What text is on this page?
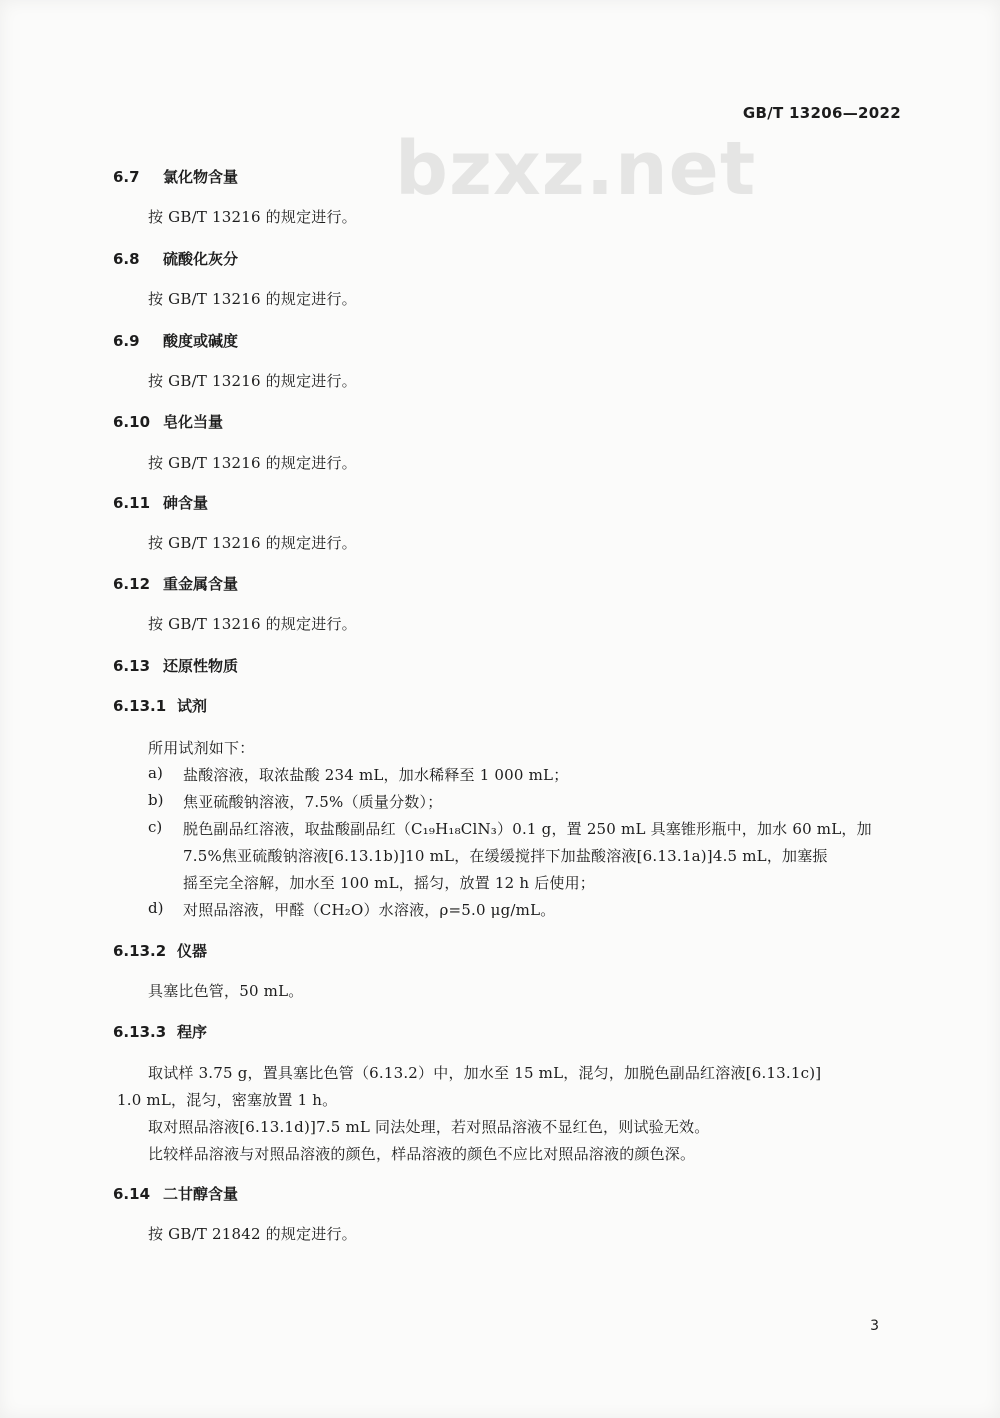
GB/T 13206—2022
bzxz.net
6.7 氯化物含量
按 GB/T 13216 的规定进行。
6.8 硫酸化灰分
按 GB/T 13216 的规定进行。
6.9 酸度或碱度
按 GB/T 13216 的规定进行。
6.10 皂化当量
按 GB/T 13216 的规定进行。
6.11 砷含量
按 GB/T 13216 的规定进行。
6.12 重金属含量
按 GB/T 13216 的规定进行。
6.13 还原性物质
6.13.1 试剂
所用试剂如下：
a) 盐酸溶液，取浓盐酸 234 mL，加水稀释至 1 000 mL；
b) 焦亚硫酸钠溶液，7.5%（质量分数）；
c) 脱色副品红溶液，取盐酸副品红（C₁₉H₁₈ClN₃）0.1 g，置 250 mL 具塞锥形瓶中，加水 60 mL，加
7.5%焦亚硫酸钠溶液[6.13.1b)]10 mL，在缓缓搅拌下加盐酸溶液[6.13.1a)]4.5 mL，加塞振
摇至完全溶解，加水至 100 mL，摇匀，放置 12 h 后使用；
d) 对照品溶液，甲醛（CH₂O）水溶液，ρ=5.0 μg/mL。
6.13.2 仪器
具塞比色管，50 mL。
6.13.3 程序
取试样 3.75 g，置具塞比色管（6.13.2）中，加水至 15 mL，混匀，加脱色副品红溶液[6.13.1c)]
1.0 mL，混匀，密塞放置 1 h。
取对照品溶液[6.13.1d)]7.5 mL 同法处理，若对照品溶液不显红色，则试验无效。
比较样品溶液与对照品溶液的颜色，样品溶液的颜色不应比对照品溶液的颜色深。
6.14 二甘醇含量
按 GB/T 21842 的规定进行。
3
